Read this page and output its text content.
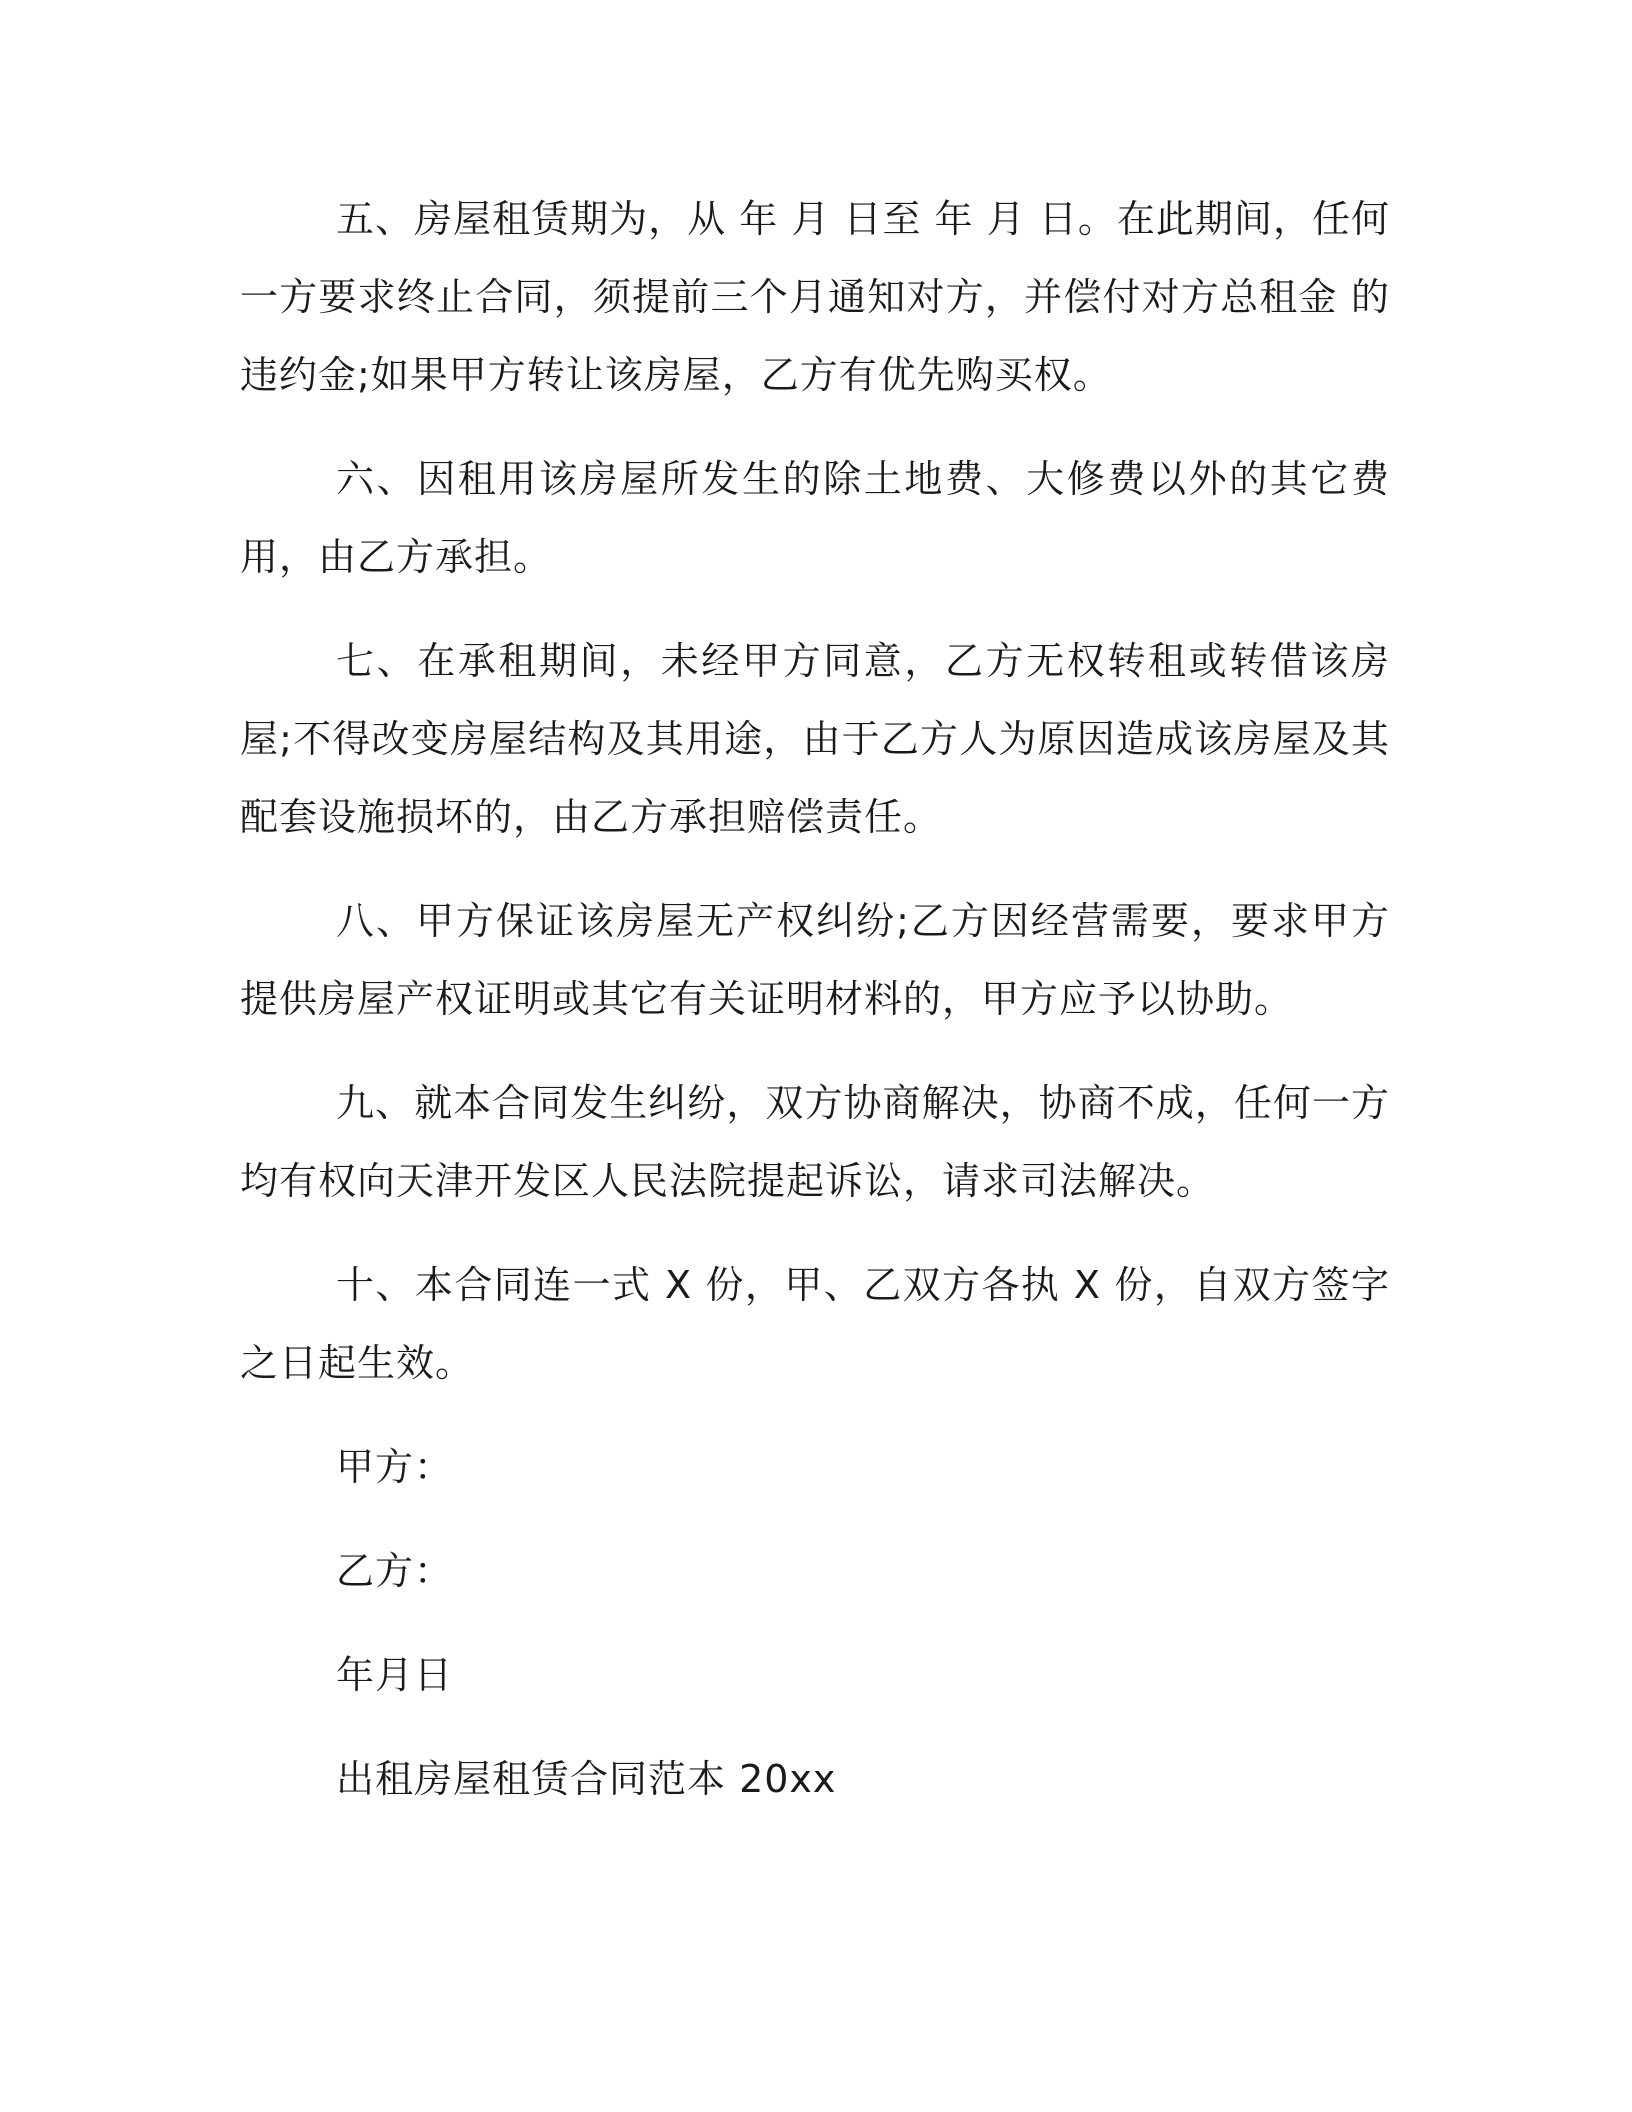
五、房屋租赁期为，从 年 月 日至 年 月 日。在此期间，任何一方要求终止合同，须提前三个月通知对方，并偿付对方总租金 的违约金;如果甲方转让该房屋，乙方有优先购买权。

六、因租用该房屋所发生的除土地费、大修费以外的其它费用，由乙方承担。

七、在承租期间，未经甲方同意，乙方无权转租或转借该房屋;不得改变房屋结构及其用途，由于乙方人为原因造成该房屋及其配套设施损坏的，由乙方承担赔偿责任。

八、甲方保证该房屋无产权纠纷;乙方因经营需要，要求甲方提供房屋产权证明或其它有关证明材料的，甲方应予以协助。

九、就本合同发生纠纷，双方协商解决，协商不成，任何一方均有权向天津开发区人民法院提起诉讼，请求司法解决。

十、本合同连一式 X 份，甲、乙双方各执 X 份，自双方签字之日起生效。

甲方：
乙方：
年月日
出租房屋租赁合同范本 20xx
